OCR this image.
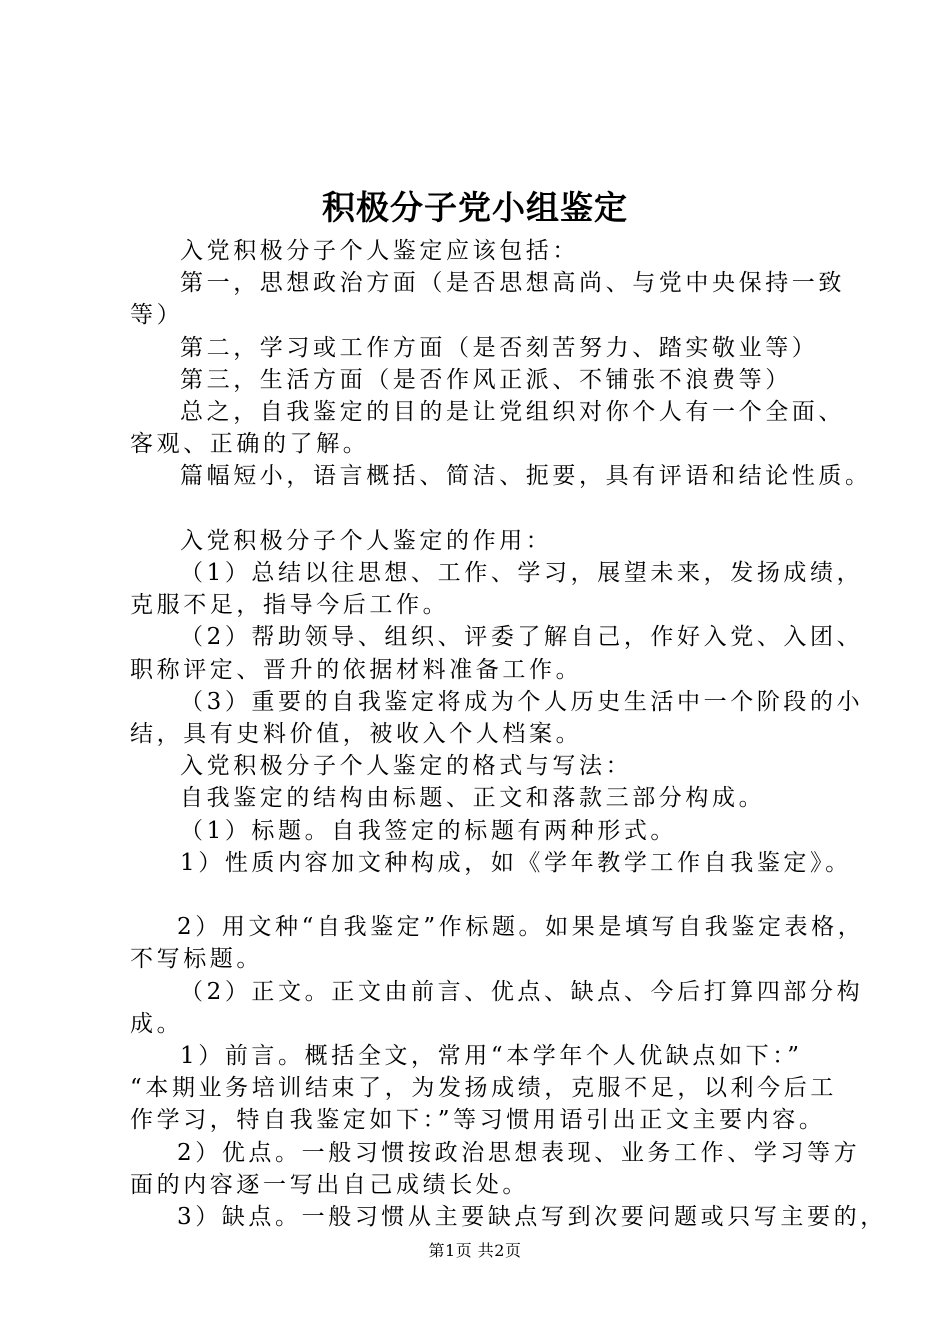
积极分子党小组鉴定

入党积极分子个人鉴定应该包括：

第一，思想政治方面（是否思想高尚、与党中央保持一致

等）

第二，学习或工作方面（是否刻苦努力、踏实敬业等）

第三，生活方面（是否作风正派、不铺张不浪费等）

总之，自我鉴定的目的是让党组织对你个人有一个全面、

客观、正确的了解。

篇幅短小，语言概括、简洁、扼要，具有评语和结论性质。

入党积极分子个人鉴定的作用：

（1）总结以往思想、工作、学习，展望未来，发扬成绩，

克服不足，指导今后工作。

（2）帮助领导、组织、评委了解自己，作好入党、入团、

职称评定、晋升的依据材料准备工作。

（3）重要的自我鉴定将成为个人历史生活中一个阶段的小

结，具有史料价值，被收入个人档案。

入党积极分子个人鉴定的格式与写法：

自我鉴定的结构由标题、正文和落款三部分构成。

（1）标题。自我签定的标题有两种形式。

1）性质内容加文种构成，如《学年教学工作自我鉴定》。

2）用文种“自我鉴定”作标题。如果是填写自我鉴定表格，

不写标题。

（2）正文。正文由前言、优点、缺点、今后打算四部分构

成。

1）前言。概括全文，常用“本学年个人优缺点如下：”

“本期业务培训结束了，为发扬成绩，克服不足，以利今后工

作学习，特自我鉴定如下：”等习惯用语引出正文主要内容。

2）优点。一般习惯按政治思想表现、业务工作、学习等方

面的内容逐一写出自己成绩长处。

3）缺点。一般习惯从主要缺点写到次要问题或只写主要的，

第1页 共2页
